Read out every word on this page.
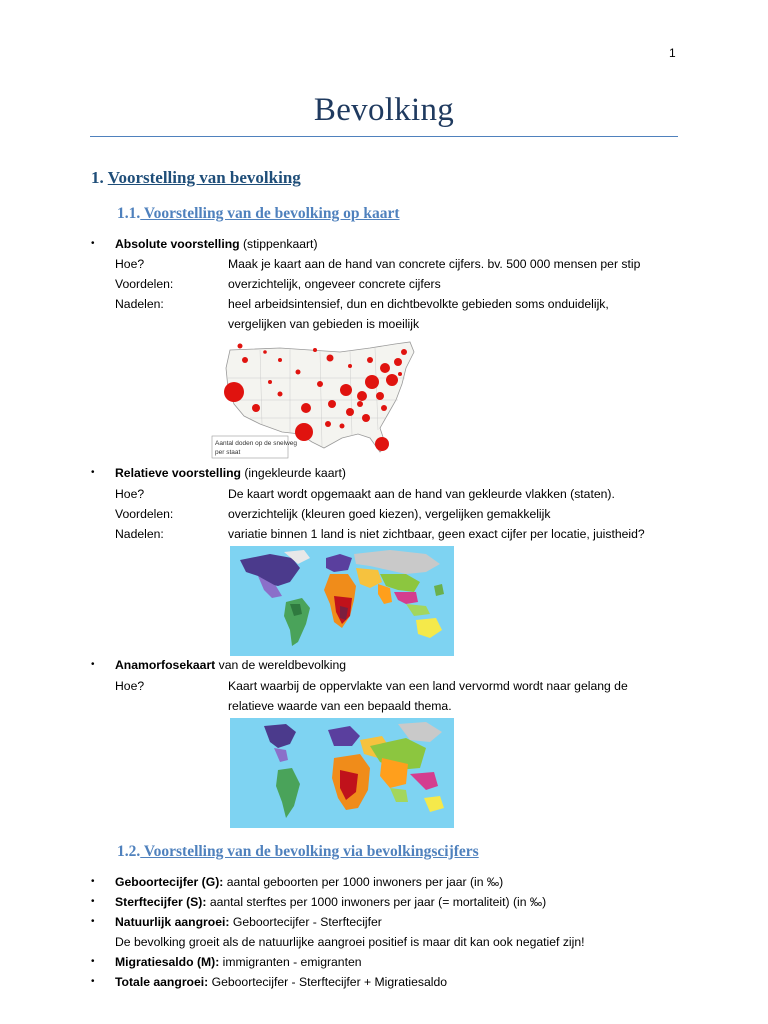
1
Bevolking
1. Voorstelling van bevolking
1.1. Voorstelling van de bevolking op kaart
• Absolute voorstelling (stippenkaart)
Hoe?	Maak je kaart aan de hand van concrete cijfers. bv. 500 000 mensen per stip
Voordelen:	overzichtelijk, ongeveer concrete cijfers
Nadelen:	heel arbeidsintensief, dun en dichtbevolkte gebieden soms onduidelijk,
vergelijken van gebieden is moeilijk
Aantal doden op de snelweg
per staat
• Relatieve voorstelling (ingekleurde kaart)
Hoe?	De kaart wordt opgemaakt aan de hand van gekleurde vlakken (staten).
Voordelen:	overzichtelijk (kleuren goed kiezen), vergelijken gemakkelijk
Nadelen:	variatie binnen 1 land is niet zichtbaar, geen exact cijfer per locatie, juistheid?
• Anamorfosekaart van de wereldbevolking
Hoe?	Kaart waarbij de oppervlakte van een land vervormd wordt naar gelang de
relatieve waarde van een bepaald thema.
1.2. Voorstelling van de bevolking via bevolkingscijfers
• Geboortecijfer (G): aantal geboorten per 1000 inwoners per jaar (in ‰)
• Sterftecijfer (S): aantal sterftes per 1000 inwoners per jaar (= mortaliteit) (in ‰)
• Natuurlijk aangroei: Geboortecijfer - Sterftecijfer
De bevolking groeit als de natuurlijke aangroei positief is maar dit kan ook negatief zijn!
• Migratiesaldo (M): immigranten - emigranten
• Totale aangroei: Geboortecijfer - Sterftecijfer + Migratiesaldo
